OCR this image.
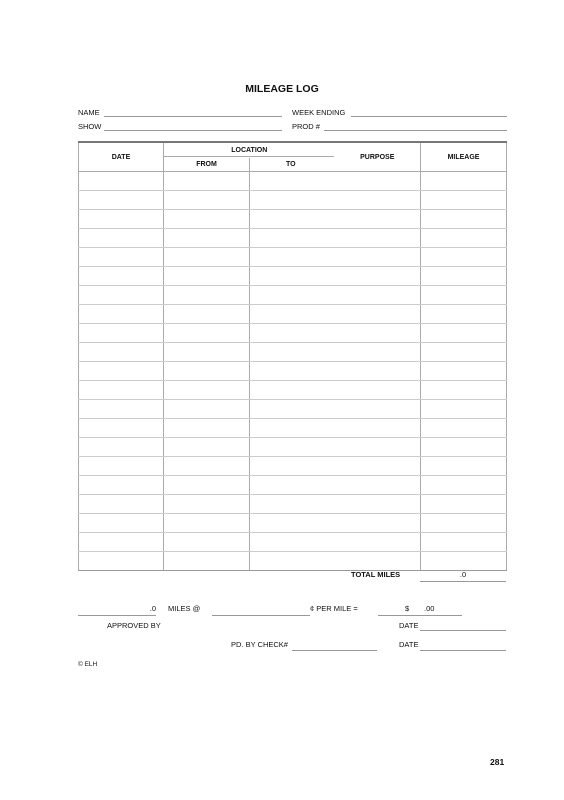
MILEAGE LOG
NAME	WEEK ENDING
SHOW	PROD #
DATE	LOCATION		PURPOSE	MILEAGE
	FROM	TO		

TOTAL MILES	.0
.0 MILES @	¢ PER MILE =	$ .00
APPROVED BY	DATE
PD. BY CHECK#	DATE
© ELH
281
